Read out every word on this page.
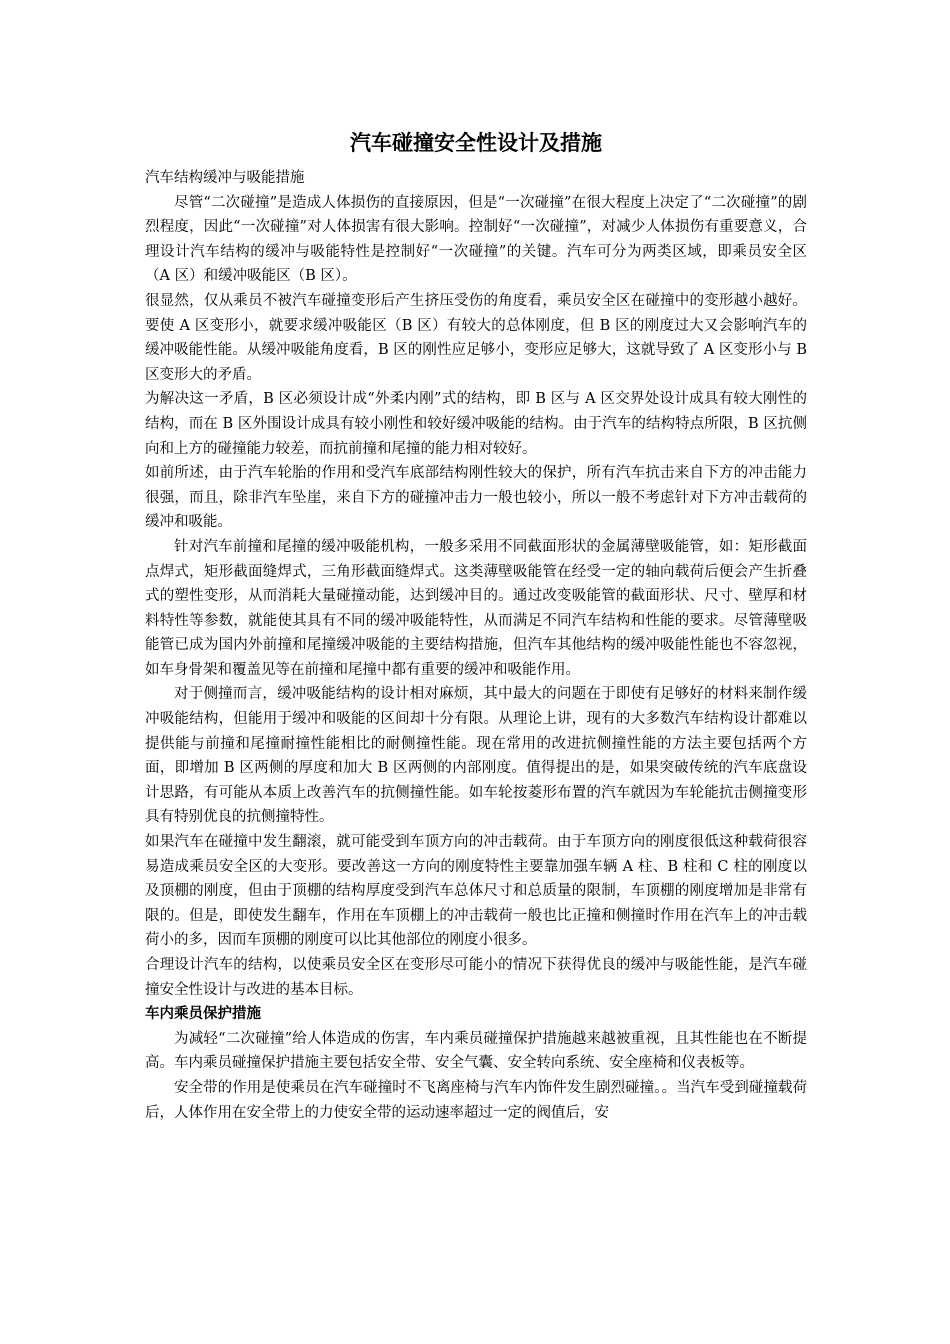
汽车碰撞安全性设计及措施

汽车结构缓冲与吸能措施

尽管“二次碰撞”是造成人体损伤的直接原因，但是“一次碰撞”在很大程度上决定了“二次碰撞”的剧烈程度，因此“一次碰撞”对人体损害有很大影响。控制好“一次碰撞”，对减少人体损伤有重要意义，合理设计汽车结构的缓冲与吸能特性是控制好“一次碰撞”的关键。汽车可分为两类区域，即乘员安全区（A 区）和缓冲吸能区（B 区）。

很显然，仅从乘员不被汽车碰撞变形后产生挤压受伤的角度看，乘员安全区在碰撞中的变形越小越好。要使 A 区变形小，就要求缓冲吸能区（B 区）有较大的总体刚度，但 B 区的刚度过大又会影响汽车的缓冲吸能性能。从缓冲吸能角度看，B 区的刚性应足够小，变形应足够大，这就导致了 A 区变形小与 B 区变形大的矛盾。

为解决这一矛盾，B 区必须设计成“外柔内刚”式的结构，即 B 区与 A 区交界处设计成具有较大刚性的结构，而在 B 区外围设计成具有较小刚性和较好缓冲吸能的结构。由于汽车的结构特点所限，B 区抗侧向和上方的碰撞能力较差，而抗前撞和尾撞的能力相对较好。

如前所述，由于汽车轮胎的作用和受汽车底部结构刚性较大的保护，所有汽车抗击来自下方的冲击能力很强，而且，除非汽车坠崖，来自下方的碰撞冲击力一般也较小，所以一般不考虑针对下方冲击载荷的缓冲和吸能。

针对汽车前撞和尾撞的缓冲吸能机构，一般多采用不同截面形状的金属薄壁吸能管，如：矩形截面点焊式，矩形截面缝焊式，三角形截面缝焊式。这类薄壁吸能管在经受一定的轴向载荷后便会产生折叠式的塑性变形，从而消耗大量碰撞动能，达到缓冲目的。通过改变吸能管的截面形状、尺寸、壁厚和材料特性等参数，就能使其具有不同的缓冲吸能特性，从而满足不同汽车结构和性能的要求。尽管薄壁吸能管已成为国内外前撞和尾撞缓冲吸能的主要结构措施，但汽车其他结构的缓冲吸能性能也不容忽视，如车身骨架和覆盖见等在前撞和尾撞中都有重要的缓冲和吸能作用。

对于侧撞而言，缓冲吸能结构的设计相对麻烦，其中最大的问题在于即使有足够好的材料来制作缓冲吸能结构，但能用于缓冲和吸能的区间却十分有限。从理论上讲，现有的大多数汽车结构设计都难以提供能与前撞和尾撞耐撞性能相比的耐侧撞性能。现在常用的改进抗侧撞性能的方法主要包括两个方面，即增加 B 区两侧的厚度和加大 B 区两侧的内部刚度。值得提出的是，如果突破传统的汽车底盘设计思路，有可能从本质上改善汽车的抗侧撞性能。如车轮按菱形布置的汽车就因为车轮能抗击侧撞变形具有特别优良的抗侧撞特性。

如果汽车在碰撞中发生翻滚，就可能受到车顶方向的冲击载荷。由于车顶方向的刚度很低这种载荷很容易造成乘员安全区的大变形。要改善这一方向的刚度特性主要靠加强车辆 A 柱、B 柱和 C 柱的刚度以及顶棚的刚度，但由于顶棚的结构厚度受到汽车总体尺寸和总质量的限制，车顶棚的刚度增加是非常有限的。但是，即使发生翻车，作用在车顶棚上的冲击载荷一般也比正撞和侧撞时作用在汽车上的冲击载荷小的多，因而车顶棚的刚度可以比其他部位的刚度小很多。

合理设计汽车的结构，以使乘员安全区在变形尽可能小的情况下获得优良的缓冲与吸能性能，是汽车碰撞安全性设计与改进的基本目标。

车内乘员保护措施

为减轻“二次碰撞”给人体造成的伤害，车内乘员碰撞保护措施越来越被重视，且其性能也在不断提高。车内乘员碰撞保护措施主要包括安全带、安全气囊、安全转向系统、安全座椅和仪表板等。

安全带的作用是使乘员在汽车碰撞时不飞离座椅与汽车内饰件发生剧烈碰撞。。当汽车受到碰撞载荷后，人体作用在安全带上的力使安全带的运动速率超过一定的阀值后，安
